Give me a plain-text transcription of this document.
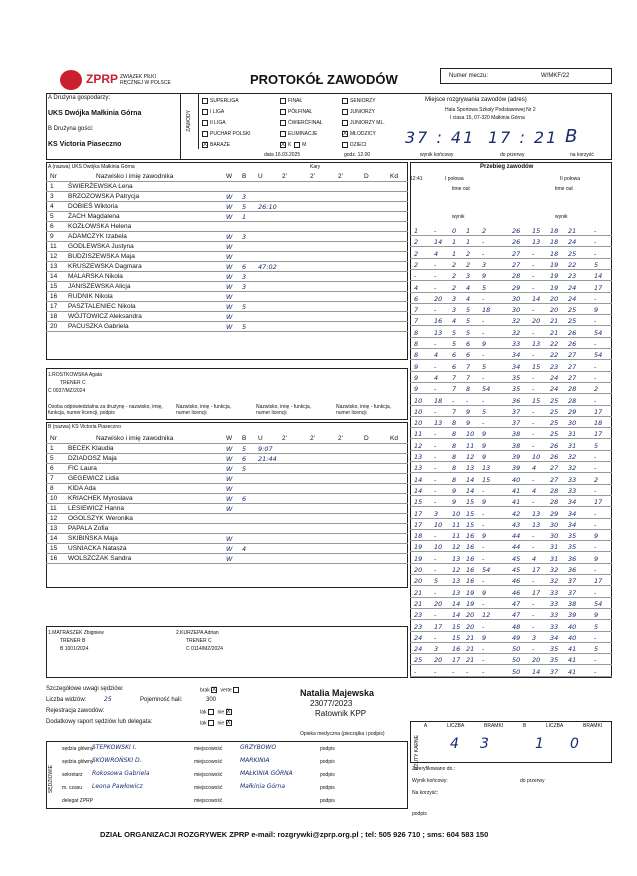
ZPRP ZWIĄZEK PIŁKI RĘCZNEJ W POLSCE	PROTOKÓŁ ZAWODÓW	Numer meczu:	W/MKF/22
A Drużyna gospodarzy:
UKS Dwójka Małkinia Górna
B Drużyna gości:
KS Victoria Piaseczno
ZAWODY
SUPERLIGA
I LIGA
II LIGA
PUCHAR POLSKI
X BARAŻE
FINAŁ
PÓŁFINAŁ
ĆWIERĆFINAŁ
ELIMINACJE
X K M
SENIORZY
JUNIORZY
JUNIORZY ML.
X MŁODZICY
DZIECI
data 16.03.2025	godz. 12.00
Miejsce rozgrywania zawodów (adres)
Hala Sportowa Szkoły Podstawowej Nr 2
I ciasa 15, 07-320 Małkinia Górna
37 : 41 17 : 21 B
wynik końcowy	do przerwy	na korzyść
A (nazwa) UKS Dwójka Małkinia Górna	Kary
Nr	Nazwisko i imię zawodnika	W B U	2'	2'	2'	D	Kd
1 ŚWIERŻEWSKA Lena
3 BRZOZOWSKA Patrycja	W 3
4 DOBIEŚ Wiktoria	W 5 26:10
5 ŻACH Magdalena	W 1
6 KOZŁOWSKA Helena
9 ADAMCZYK Izabela	W 3
11 GODLEWSKA Justyna	W
12 BUDZISZEWSKA Maja	W
13 KRUSZEWSKA Dagmara	W 6 47:02
14 MALARSKA Nikola	W 3
15 JANISZEWSKA Alicja	W 3
16 RUDNIK Nikola	W
17 PASZTALENIEC Nikola	W 5
18 WÓJTOWICZ Aleksandra	W
20 PACUSZKA Gabriela	W 5
1.ROSTKOWSKA Agata
TRENER C
C 0037/MZ/2024
Osoba odpowiedzialna za drużynę - nazwisko, imię, funkcja, numer licencji, podpis
Nazwisko, imię - funkcja, numer licencji
Nazwisko, imię - funkcja, numer licencji
Nazwisko, imię - funkcja, numer licencji
B (nazwa) KS Victoria Piaseczno
Nr	Nazwisko i imię zawodnika	W B U	2'	2'	2'	D	Kd
1 BECEK Klaudia	W 5 9:07
5 DZIADOSZ Maja	W 6 21:44
6 FIC Laura	W 5
7 GEGEWICZ Lidia	W
8 KIDA Ada	W
10 KRIACHEK Myroslava	W 6
11 LESIEWICZ Hanna	W
12 OGOLSZYK Weronika
13 PAPALA Zofia
14 SKIBIŃSKA Maja	W
15 USNIACKA Natasza	W 4
16 WOLSZCZAK Sandra	W
1.MATRASZEK Zbigniew
TRENER B
B 1001/2024
2.KURZEPA Adrian
TRENER C
C 0114/MZ/2024
Przebieg zawodów
12:41	I połowa	II połowa
time out	time out
wynik	wynik
1 - 0 1 2	26 15 18 21	-
2 14 1 1 -	26 13 18 24	-
2 4 1 2 -	27 - 18 25	-
2 - 2 2 3	27 - 19 22	5
-	- 2 3 9	28 - 19 23	14
4 - 2 4 5	29 - 19 24	17
6 20 3 4 -	30 14 20 24	-
7 - 3 5 18	30 - 20 25	9
7 16 4 5 -	32 20 21 25	-
8 13 5 5 -	32 - 21 26	54
8 - 5 6 9	33 13 22 26	-
8 4 6 6 -	34 - 22 27	54
9 - 6 7 5	34 15 23 27	-
9 4 7 7 -	35 - 24 27	-
9 - 7 8 54	35 - 24 28	2
10 18 - - -	36 15 25 28	-
10 - 7 9 5	37 - 25 29	17
10 13 8 9 -	37 - 25 30	18
11 - 8 10 9	38 - 25 31	17
12 - 8 11 9	38 - 26 31	5
13 - 8 12 9	39 10 26 32	-
13 - 8 13 13	39 4 27 32	-
14 - 8 14 15	40 - 27 33	2
14 - 9 14 -	41 4 28 33	-
15 - 9 15 9	41 - 28 34	17
17 3 10 15 -	42 13 29 34	-
17 10 11 15 -	43 13 30 34	-
18 - 11 16 9	44 - 30 35	9
19 10 12 16 -	44 - 31 35	-
19 - 13 16 -	45 4 31 36	9
20 - 12 16 54	45 17 32 36	-
20 5 13 16 -	46 - 32 37	17
21 - 13 19 9	46 17 33 37	-
21 20 14 19 -	47 - 33 38	54
23 - 14 20 12	47 - 33 39	9
23 17 15 20 -	48 - 33 40	5
24 - 15 21 9	49 3 34 40	-
24 3 16 21 -	50 - 35 41	5
25 20 17 21 -	50 20 35 41	-
-	- - - -	50 14 37 41	-
Szczegółowe uwagi sędziów:	brak X verte
Liczba widzów:	25	Pojemność hali:	300
Rejestracja zawodów:	tak nie X
Dodatkowy raport sędziów lub delegata:	tak nie X
Natalia Majewska
23077/2023
Ratownik KPP
Opieka medyczna (pieczątka i podpis)
A	LICZBA	BRAMKI	B	LICZBA	BRAMKI
RZUTY KARNE 4 3	1 0
SĘDZIOWIE
sędzia główny
STEPKOWSKI I.	miejscowość	GRZYBOWO	podpis
sędzia główny
SKOWROŃSKI D.	miejscowość	MARKINIA	podpis
sekretarz Rokosowa Gabriela	miejscowość	MAŁKINIA GÓRNA	podpis
m. czasu Leona Pawłowicz	miejscowość	Małkinia Górna	podpis
delegat ZPRP	miejscowość	podpis
Zweryfikowano dn.:
Wynik końcowy:	do przerwy
Na korzyść:
podpis
DZIAŁ ORGANIZACJI ROZGRYWEK ZPRP e-mail: rozgrywki@zprp.org.pl ; tel: 505 926 710 ; sms: 604 583 150
